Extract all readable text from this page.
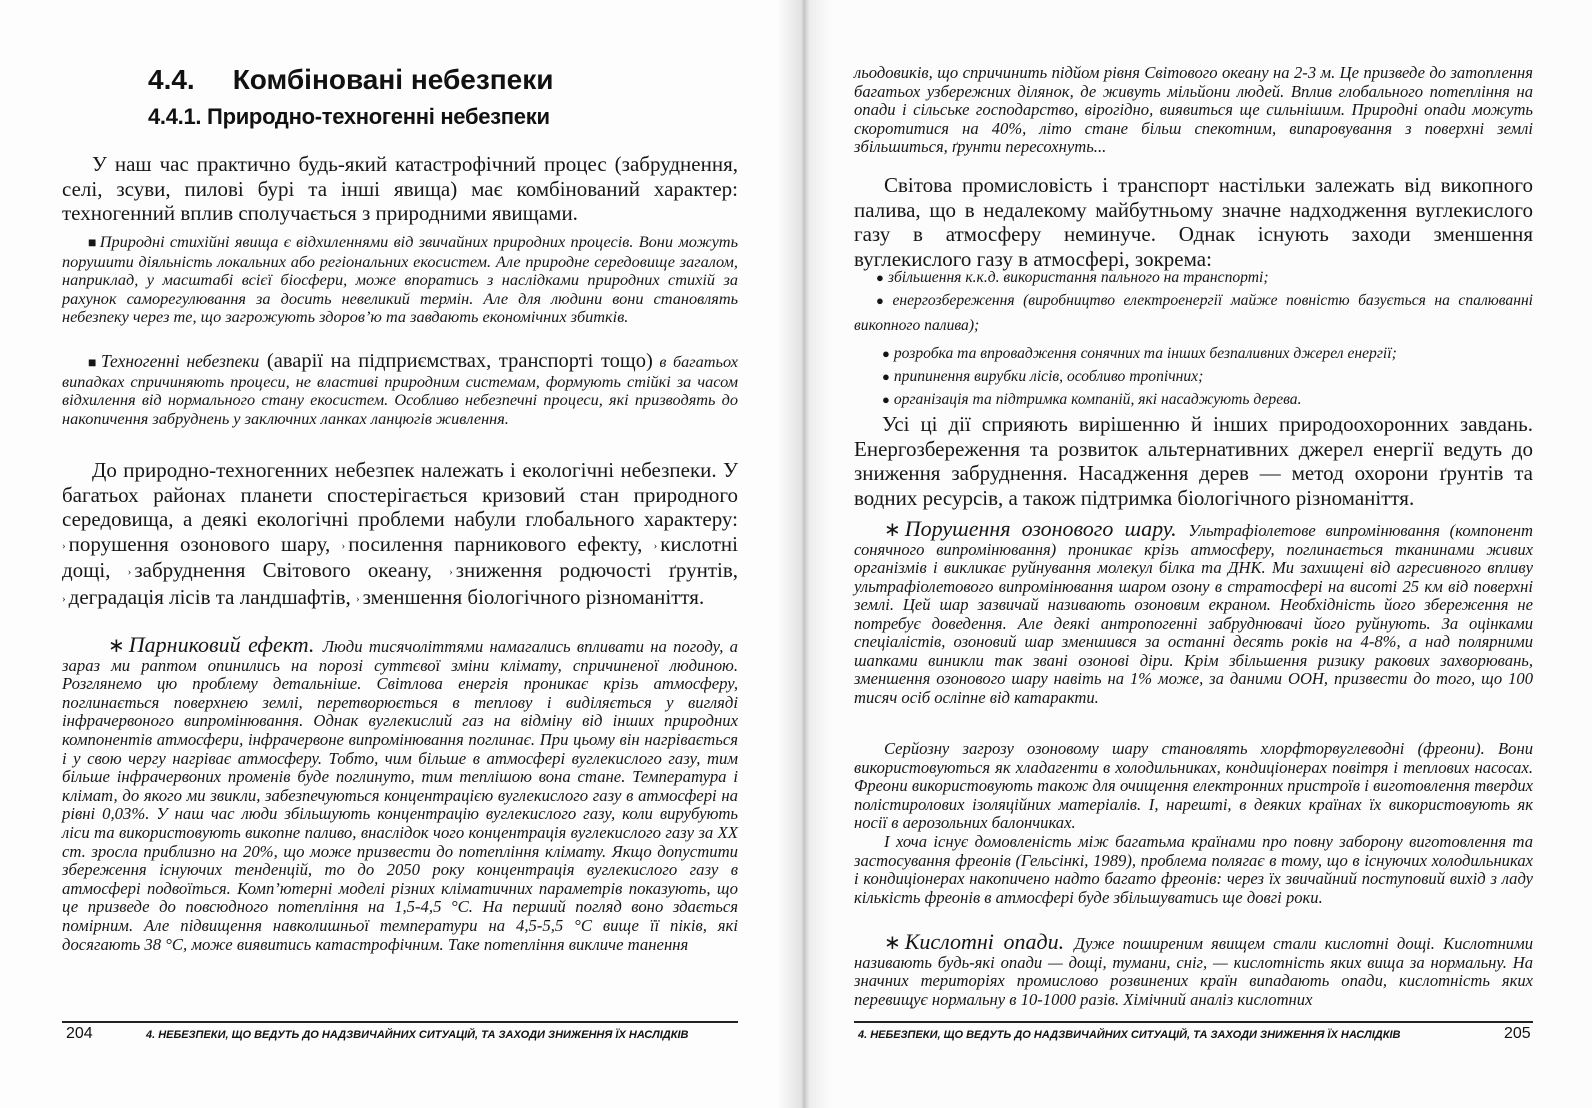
4.4. Комбіновані небезпеки
4.4.1. Природно-техногенні небезпеки

У наш час практично будь-який катастрофічний процес (забруднення, селі, зсуви, пилові бурі та інші явища) має комбінований характер: техногенний вплив сполучається з природними явищами.

■ Природні стихійні явища є відхиленнями від звичайних природних процесів. Вони можуть порушити діяльність локальних або регіональних екосистем. Але природне середовище загалом, наприклад, у масштабі всієї біосфери, може впоратись з наслідками природних стихій за рахунок саморегулювання за досить невеликий термін. Але для людини вони становлять небезпеку через те, що загрожують здоров’ю та завдають економічних збитків.

■ Техногенні небезпеки (аварії на підприємствах, транспорті тощо) в багатьох випадках спричиняють процеси, не властиві природним системам, формують стійкі за часом відхилення від нормального стану екосистем. Особливо небезпечні процеси, які призводять до накопичення забруднень у заключних ланках ланцюгів живлення.

До природно-техногенних небезпек належать і екологічні небезпеки. У багатьох районах планети спостерігається кризовий стан природного середовища, а деякі екологічні проблеми набули глобального характеру: › порушення озонового шару, › посилення парникового ефекту, › кислотні дощі, › забруднення Світового океану, › зниження родючості ґрунтів, › деградація лісів та ландшафтів, › зменшення біологічного різноманіття.

∗ Парниковий ефект. Люди тисячоліттями намагались впливати на погоду, а зараз ми раптом опинились на порозі суттєвої зміни клімату, спричиненої людиною. Розглянемо цю проблему детальніше. Світлова енергія проникає крізь атмосферу, поглинається поверхнею землі, перетворюється в теплову і виділяється у вигляді інфрачервоного випромінювання. Однак вуглекислий газ на відміну від інших природних компонентів атмосфери, інфрачервоне випромінювання поглинає. При цьому він нагрівається і у свою чергу нагріває атмосферу. Тобто, чим більше в атмосфері вуглекислого газу, тим більше інфрачервоних променів буде поглинуто, тим теплішою вона стане. Температура і клімат, до якого ми звикли, забезпечуються концентрацією вуглекислого газу в атмосфері на рівні 0,03%. У наш час люди збільшують концентрацію вуглекислого газу, коли вирубують ліси та використовують викопне паливо, внаслідок чого концентрація вуглекислого газу за XX ст. зросла приблизно на 20%, що може призвести до потепління клімату. Якщо допустити збереження існуючих тенденцій, то до 2050 року концентрація вуглекислого газу в атмосфері подвоїться. Комп’ютерні моделі різних кліматичних параметрів показують, що це призведе до повсюдного потепління на 1,5-4,5 °С. На перший погляд воно здається помірним. Але підвищення навколишньої температури на 4,5-5,5 °С вище її піків, які досягають 38 °С, може виявитись катастрофічним. Таке потепління викличе танення

204	4. НЕБЕЗПЕКИ, ЩО ВЕДУТЬ ДО НАДЗВИЧАЙНИХ СИТУАЦІЙ, ТА ЗАХОДИ ЗНИЖЕННЯ ЇХ НАСЛІДКІВ

льодовиків, що спричинить підйом рівня Світового океану на 2-3 м. Це призведе до затоплення багатьох узбережних ділянок, де живуть мільйони людей. Вплив глобального потепління на опади і сільське господарство, вірогідно, виявиться ще сильнішим. Природні опади можуть скоротитися на 40%, літо стане більш спекотним, випаровування з поверхні землі збільшиться, ґрунти пересохнуть...

Світова промисловість і транспорт настільки залежать від викопного палива, що в недалекому майбутньому значне надходження вуглекислого газу в атмосферу неминуче. Однак існують заходи зменшення вуглекислого газу в атмосфері, зокрема:

● збільшення к.к.д. використання пального на транспорті;

● енергозбереження (виробництво електроенергії майже повністю базується на спалюванні викопного палива);

● розробка та впровадження сонячних та інших безпаливних джерел енергії;

● припинення вирубки лісів, особливо тропічних;

● організація та підтримка компаній, які насаджують дерева.

Усі ці дії сприяють вирішенню й інших природоохоронних завдань. Енергозбереження та розвиток альтернативних джерел енергії ведуть до зниження забруднення. Насадження дерев — метод охорони ґрунтів та водних ресурсів, а також підтримка біологічного різноманіття.

∗ Порушення озонового шару. Ультрафіолетове випромінювання (компонент сонячного випромінювання) проникає крізь атмосферу, поглинається тканинами живих організмів і викликає руйнування молекул білка та ДНК. Ми захищені від агресивного впливу ультрафіолетового випромінювання шаром озону в стратосфері на висоті 25 км від поверхні землі. Цей шар зазвичай називають озоновим екраном. Необхідність його збереження не потребує доведення. Але деякі антропогенні забруднювачі його руйнують. За оцінками спеціалістів, озоновий шар зменшився за останні десять років на 4-8%, а над полярними шапками виникли так звані озонові діри. Крім збільшення ризику ракових захворювань, зменшення озонового шару навіть на 1% може, за даними ООН, призвести до того, що 100 тисяч осіб осліпне від катаракти.

Серйозну загрозу озоновому шару становлять хлорфторвуглеводні (фреони). Вони використовуються як хладагенти в холодильниках, кондиціонерах повітря і теплових насосах. Фреони використовують також для очищення електронних пристроїв і виготовлення твердих полістиролових ізоляційних матеріалів. І, нарешті, в деяких країнах їх використовують як носії в аерозольних балончиках.

І хоча існує домовленість між багатьма країнами про повну заборону виготовлення та застосування фреонів (Гельсінкі, 1989), проблема полягає в тому, що в існуючих холодильниках і кондиціонерах накопичено надто багато фреонів: через їх звичайний поступовий вихід з ладу кількість фреонів в атмосфері буде збільшуватись ще довгі роки.

∗ Кислотні опади. Дуже поширеним явищем стали кислотні дощі. Кислотними називають будь-які опади — дощі, тумани, сніг, — кислотність яких вища за нормальну. На значних територіях промислово розвинених країн випадають опади, кислотність яких перевищує нормальну в 10-1000 разів. Хімічний аналіз кислотних

4. НЕБЕЗПЕКИ, ЩО ВЕДУТЬ ДО НАДЗВИЧАЙНИХ СИТУАЦІЙ, ТА ЗАХОДИ ЗНИЖЕННЯ ЇХ НАСЛІДКІВ	205
